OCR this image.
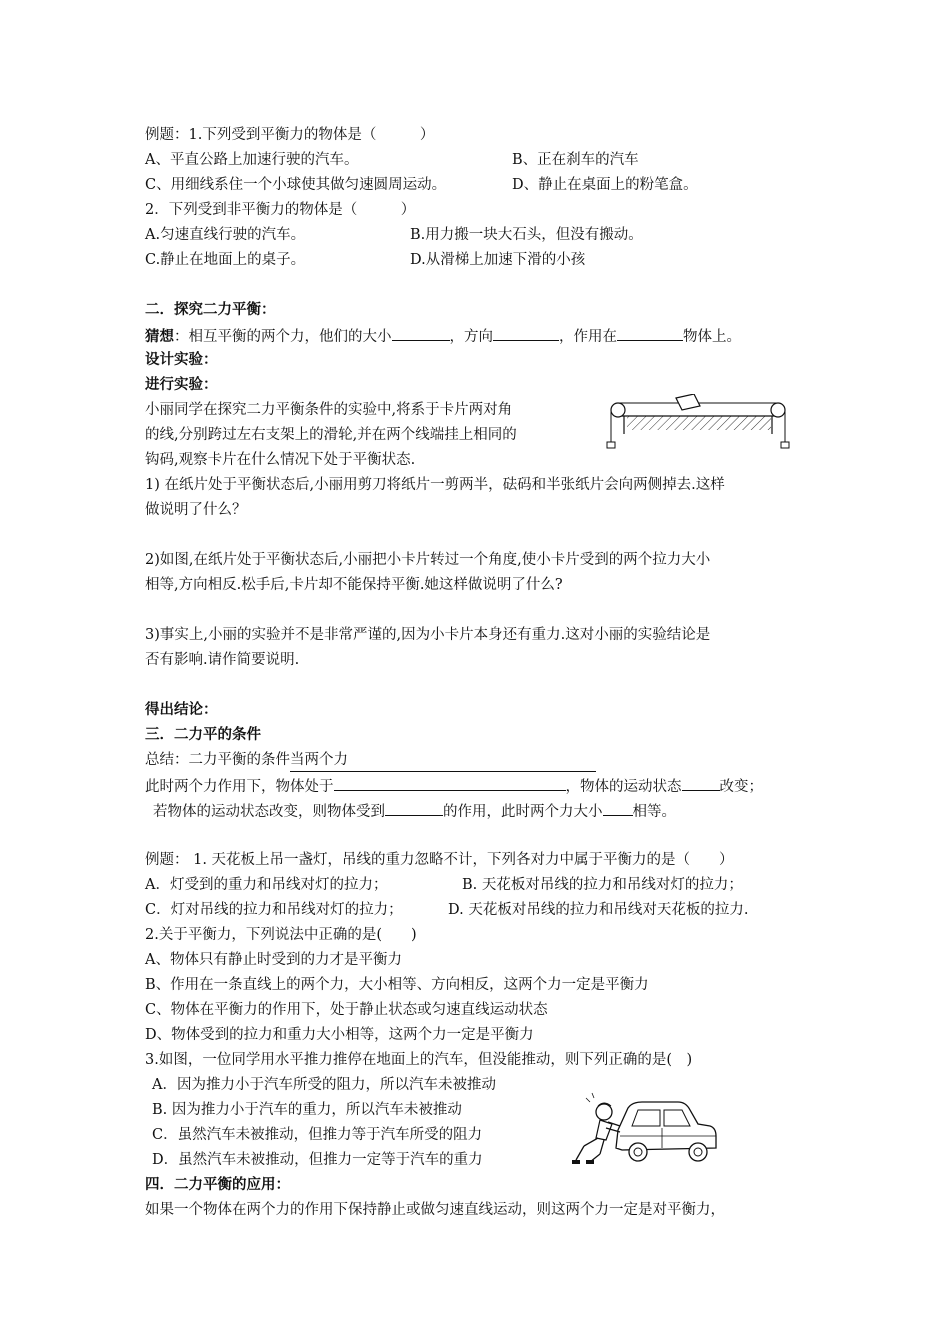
例题：1.下列受到平衡力的物体是（　　　）
A、平直公路上加速行驶的汽车。	B、正在刹车的汽车
C、用细线系住一个小球使其做匀速圆周运动。	D、静止在桌面上的粉笔盒。
2．下列受到非平衡力的物体是（　　　）
A.匀速直线行驶的汽车。	B.用力搬一块大石头，但没有搬动。
C.静止在地面上的桌子。	D.从滑梯上加速下滑的小孩
二．探究二力平衡：
猜想：相互平衡的两个力，他们的大小	，方向	，作用在	物体上。
设计实验：
进行实验：
小丽同学在探究二力平衡条件的实验中,将系于卡片两对角
的线,分别跨过左右支架上的滑轮,并在两个线端挂上相同的
钩码,观察卡片在什么情况下处于平衡状态.
1) 在纸片处于平衡状态后,小丽用剪刀将纸片一剪两半，砝码和半张纸片会向两侧掉去.这样
做说明了什么？
2)如图,在纸片处于平衡状态后,小丽把小卡片转过一个角度,使小卡片受到的两个拉力大小
相等,方向相反.松手后,卡片却不能保持平衡.她这样做说明了什么?
3)事实上,小丽的实验并不是非常严谨的,因为小卡片本身还有重力.这对小丽的实验结论是
否有影响.请作简要说明.
得出结论：
三．二力平的条件
总结：二力平衡的条件当两个力
此时两个力作用下，物体处于	，物体的运动状态	改变；
若物体的运动状态改变，则物体受到	的作用，此时两个力大小 相等。
例题： 1. 天花板上吊一盏灯，吊线的重力忽略不计，下列各对力中属于平衡力的是（　　）
A．灯受到的重力和吊线对灯的拉力；	B. 天花板对吊线的拉力和吊线对灯的拉力；
C．灯对吊线的拉力和吊线对灯的拉力；	D. 天花板对吊线的拉力和吊线对天花板的拉力.
2.关于平衡力，下列说法中正确的是(　　)
A、物体只有静止时受到的力才是平衡力
B、作用在一条直线上的两个力，大小相等、方向相反，这两个力一定是平衡力
C、物体在平衡力的作用下，处于静止状态或匀速直线运动状态
D、物体受到的拉力和重力大小相等，这两个力一定是平衡力
3.如图，一位同学用水平推力推停在地面上的汽车，但没能推动，则下列正确的是(　)
A．因为推力小于汽车所受的阻力，所以汽车未被推动
B. 因为推力小于汽车的重力，所以汽车未被推动
C．虽然汽车未被推动，但推力等于汽车所受的阻力
D．虽然汽车未被推动，但推力一定等于汽车的重力
四．二力平衡的应用：
如果一个物体在两个力的作用下保持静止或做匀速直线运动，则这两个力一定是对平衡力，
